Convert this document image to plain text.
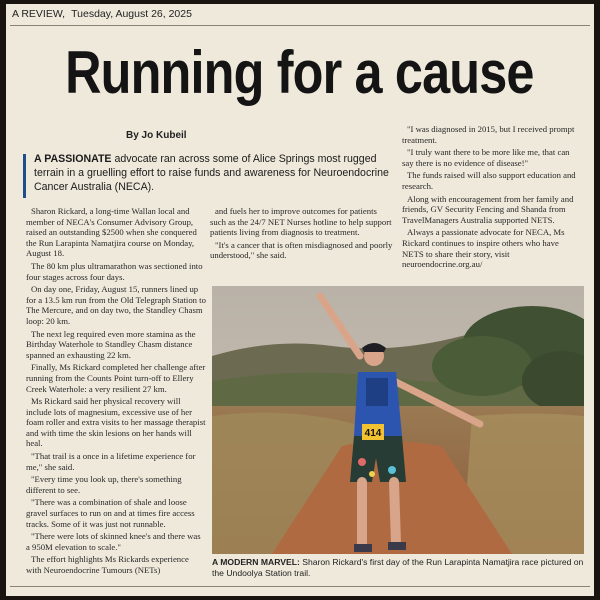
A REVIEW, Tuesday, August 26, 2025
Running for a cause
By Jo Kubeil
A PASSIONATE advocate ran across some of Alice Springs most rugged terrain in a gruelling effort to raise funds and awareness for Neuroendocrine Cancer Australia (NECA).

Sharon Rickard, a long-time Wallan local and member of NECA's Consumer Advisory Group, raised an outstanding $2500 when she conquered the Run Larapinta Namatjira course on Monday, August 18.

The 80 km plus ultramarathon was sectioned into four stages across four days.

On day one, Friday, August 15, runners lined up for a 13.5 km run from the Old Telegraph Station to The Mercure, and on day two, the Standley Chasm loop: 20 km.

The next leg required even more stamina as the Birthday Waterhole to Standley Chasm distance spanned an exhausting 22 km.

Finally, Ms Rickard completed her challenge after running from the Counts Point turn-off to Ellery Creek Waterhole: a very resilient 27 km.

Ms Rickard said her physical recovery will include lots of magnesium, excessive use of her foam roller and extra visits to her massage therapist and with time the skin lesions on her hands will heal.

"That trail is a once in a lifetime experience for me," she said.

"Every time you look up, there's something different to see.

"There was a combination of shale and loose gravel surfaces to run on and at times fire access tracks. Some of it was just not runnable.

"There were lots of skinned knee's and there was a 950M elevation to scale."

The effort highlights Ms Rickards experience with Neuroendocrine Tumours (NETs)

and fuels her to improve outcomes for patients such as the 24/7 NET Nurses hotline to help support patients living from diagnosis to treatment.

"It's a cancer that is often misdiagnosed and poorly understood," she said.

"I was diagnosed in 2015, but I received prompt treatment.

"I truly want there to be more like me, that can say there is no evidence of disease!"

The funds raised will also support education and research.

Along with encouragement from her family and friends, GV Security Fencing and Shanda from TravelManagers Australia supported NETS.

Always a passionate advocate for NECA, Ms Rickard continues to inspire others who have NETS to share their story, visit neuroendocrine.org.au/

414
A MODERN MARVEL: Sharon Rickard's first day of the Run Larapinta Namatjira race pictured on the Undoolya Station trail.
